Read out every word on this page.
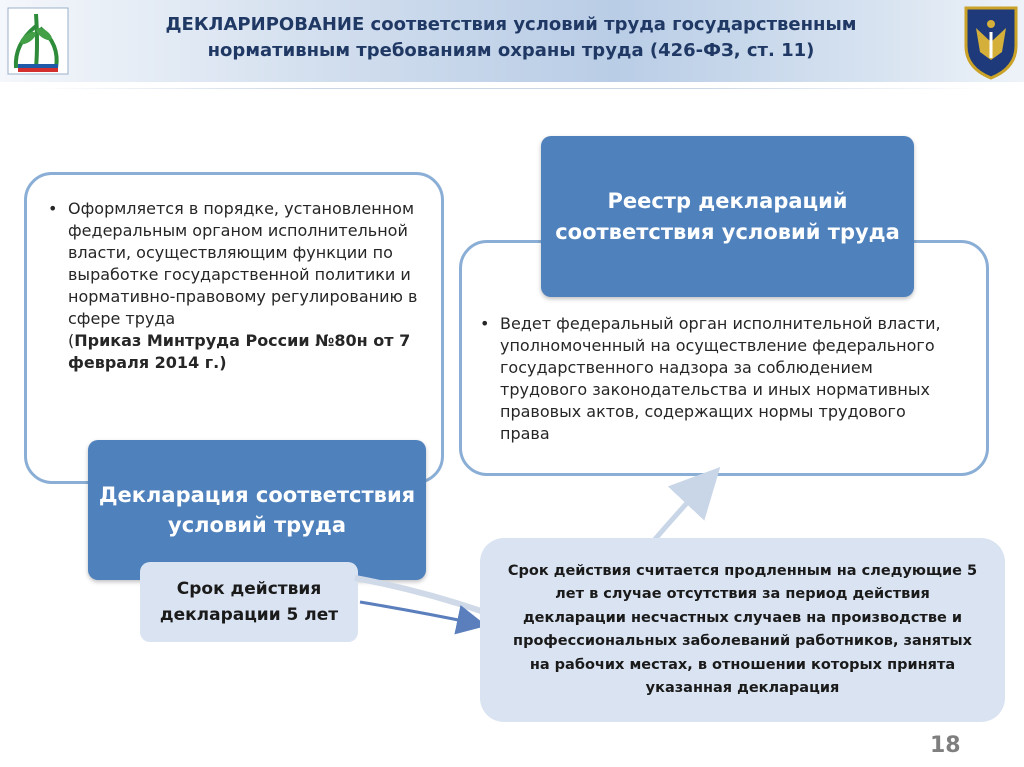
ДЕКЛАРИРОВАНИЕ соответствия условий труда государственным
нормативным требованиям охраны труда (426-ФЗ, ст. 11)
• Оформляется в порядке, установленном федеральным органом исполнительной власти, осуществляющим функции по выработке государственной политики и нормативно-правовому регулированию в сфере труда
(Приказ Минтруда России №80н от 7 февраля 2014 г.)
Декларация соответствия условий труда
Срок действия декларации 5 лет
• Ведет федеральный орган исполнительной власти, уполномоченный на осуществление федерального государственного надзора за соблюдением трудового законодательства и иных нормативных правовых актов, содержащих нормы трудового права
Реестр деклараций соответствия условий труда
Срок действия считается продленным на следующие 5 лет в случае отсутствия за период действия декларации несчастных случаев на производстве и профессиональных заболеваний работников, занятых на рабочих местах, в отношении которых принята указанная декларация
18
